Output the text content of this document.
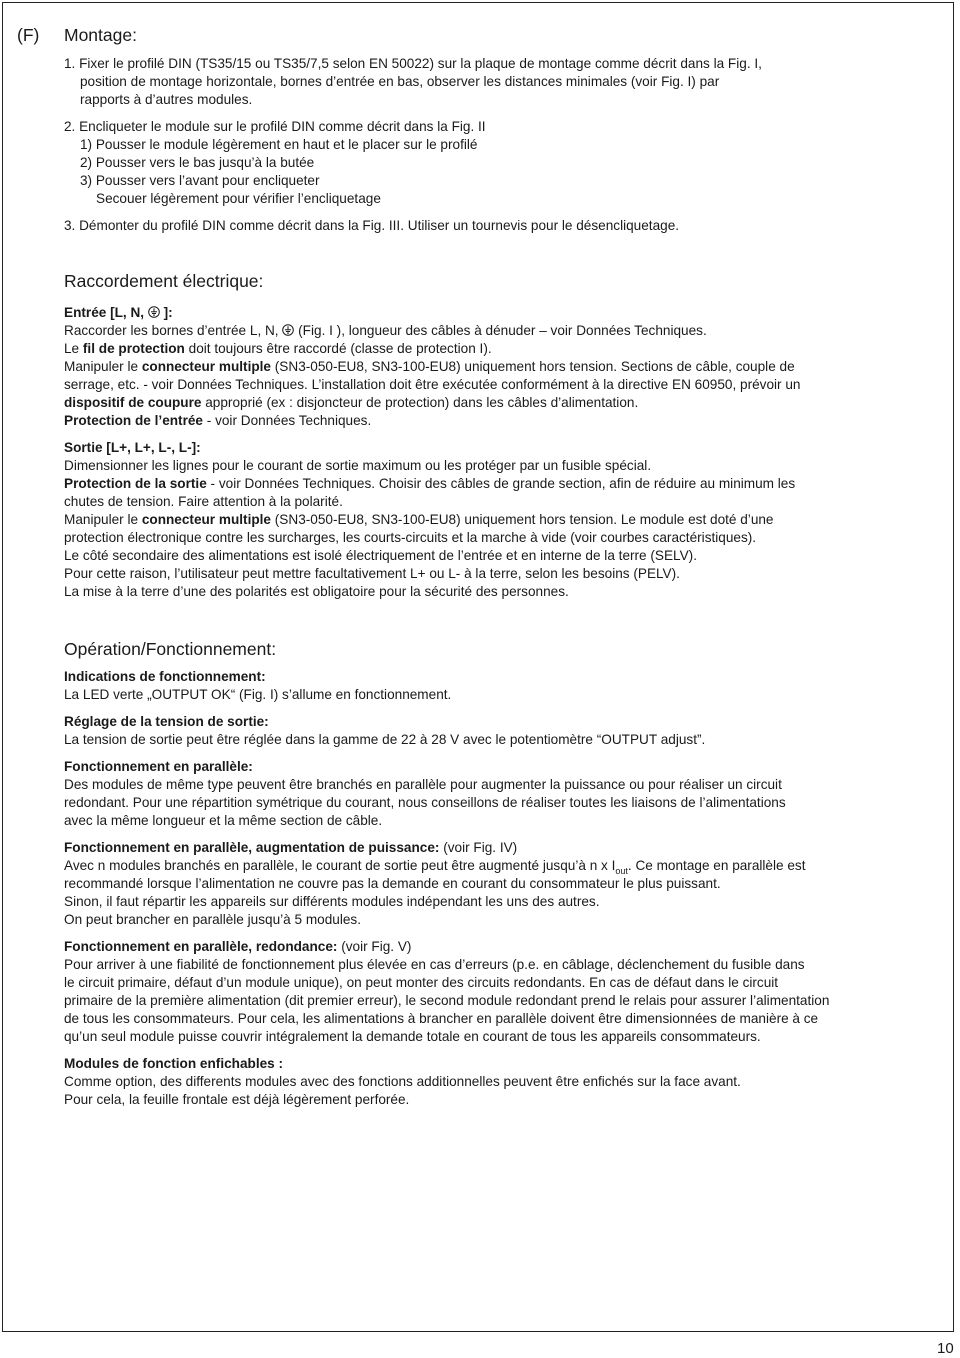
(F) Montage:
1. Fixer le profilé DIN (TS35/15 ou TS35/7,5 selon EN 50022) sur la plaque de montage comme décrit dans la Fig. I,
position de montage horizontale, bornes d’entrée en bas, observer les distances minimales (voir Fig. I) par
rapports à d’autres modules.
2. Encliqueter le module sur le profilé DIN comme décrit dans la Fig. II
1) Pousser le module légèrement en haut et le placer sur le profilé
2) Pousser vers le bas jusqu’à la butée
3) Pousser vers l’avant pour encliqueter
Secouer légèrement pour vérifier l’encliquetage
3. Démonter du profilé DIN comme décrit dans la Fig. III. Utiliser un tournevis pour le désencliquetage.
Raccordement électrique:
Entrée [L, N, ]:
Raccorder les bornes d’entrée L, N, (Fig. I ), longueur des câbles à dénuder – voir Données Techniques.
Le fil de protection doit toujours être raccordé (classe de protection I).
Manipuler le connecteur multiple (SN3-050-EU8, SN3-100-EU8) uniquement hors tension. Sections de câble, couple de
serrage, etc. - voir Données Techniques. L’installation doit être exécutée conformément à la directive EN 60950, prévoir un
dispositif de coupure approprié (ex : disjoncteur de protection) dans les câbles d’alimentation.
Protection de l’entrée - voir Données Techniques.
Sortie [L+, L+, L-, L-]:
Dimensionner les lignes pour le courant de sortie maximum ou les protéger par un fusible spécial.
Protection de la sortie - voir Données Techniques. Choisir des câbles de grande section, afin de réduire au minimum les
chutes de tension. Faire attention à la polarité.
Manipuler le connecteur multiple (SN3-050-EU8, SN3-100-EU8) uniquement hors tension. Le module est doté d’une
protection électronique contre les surcharges, les courts-circuits et la marche à vide (voir courbes caractéristiques).
Le côté secondaire des alimentations est isolé électriquement de l’entrée et en interne de la terre (SELV).
Pour cette raison, l’utilisateur peut mettre facultativement L+ ou L- à la terre, selon les besoins (PELV).
La mise à la terre d’une des polarités est obligatoire pour la sécurité des personnes.
Opération/Fonctionnement:
Indications de fonctionnement:
La LED verte „OUTPUT OK“ (Fig. I) s’allume en fonctionnement.
Réglage de la tension de sortie:
La tension de sortie peut être réglée dans la gamme de 22 à 28 V avec le potentiomètre “OUTPUT adjust”.
Fonctionnement en parallèle:
Des modules de même type peuvent être branchés en parallèle pour augmenter la puissance ou pour réaliser un circuit
redondant. Pour une répartition symétrique du courant, nous conseillons de réaliser toutes les liaisons de l’alimentations
avec la même longueur et la même section de câble.
Fonctionnement en parallèle, augmentation de puissance: (voir Fig. IV)
Avec n modules branchés en parallèle, le courant de sortie peut être augmenté jusqu’à n x $I_{out}$. Ce montage en parallèle est
recommandé lorsque l’alimentation ne couvre pas la demande en courant du consommateur le plus puissant.
Sinon, il faut répartir les appareils sur différents modules indépendant les uns des autres.
On peut brancher en parallèle jusqu’à 5 modules.
Fonctionnement en parallèle, redondance: (voir Fig. V)
Pour arriver à une fiabilité de fonctionnement plus élevée en cas d’erreurs (p.e. en câblage, déclenchement du fusible dans
le circuit primaire, défaut d’un module unique), on peut monter des circuits redondants. En cas de défaut dans le circuit
primaire de la première alimentation (dit premier erreur), le second module redondant prend le relais pour assurer l’alimentation
de tous les consommateurs. Pour cela, les alimentations à brancher en parallèle doivent être dimensionnées de manière à ce
qu’un seul module puisse couvrir intégralement la demande totale en courant de tous les appareils consommateurs.
Modules de fonction enfichables :
Comme option, des differents modules avec des fonctions additionnelles peuvent être enfichés sur la face avant.
Pour cela, la feuille frontale est déjà légèrement perforée.
10
